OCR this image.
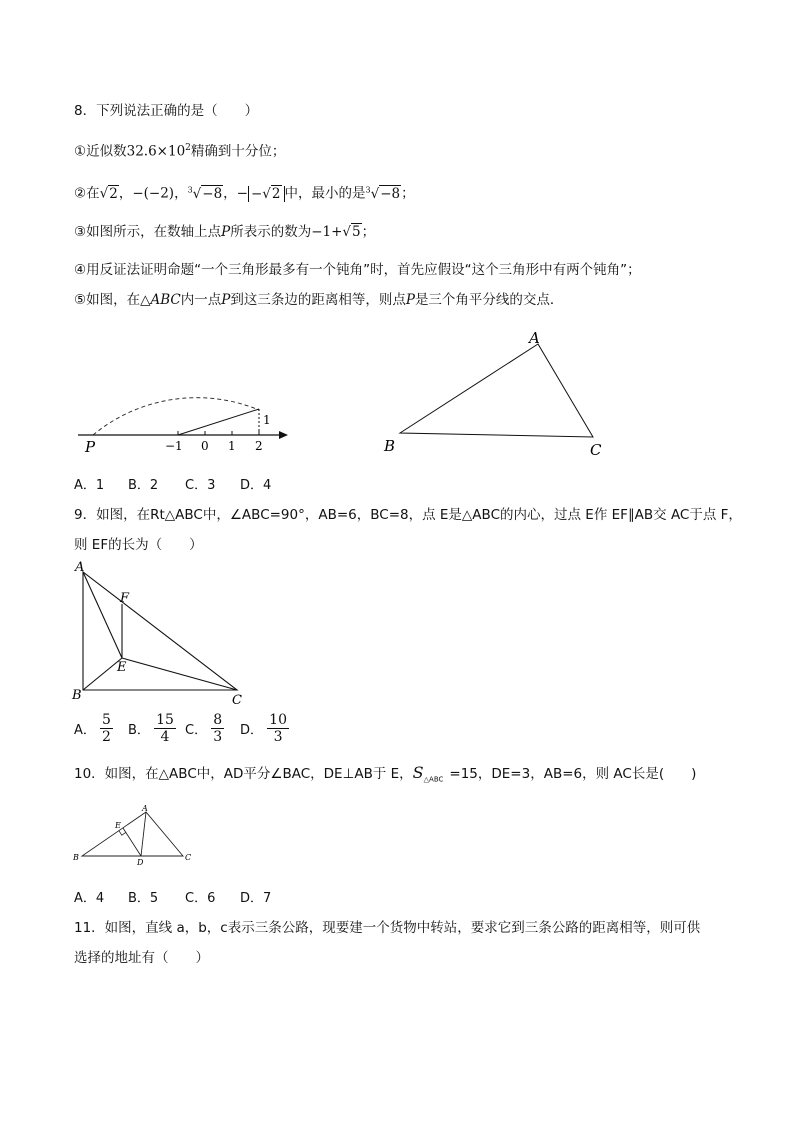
8．下列说法正确的是（　　）
①近似数$32.6\times 10^2$精确到十分位；
②在√2，−(−2)，$^3$√−8，− −√2 中，最小的是$^3$√−8；
③如图所示，在数轴上点P所表示的数为−1+√5；
④用反证法证明命题“一个三角形最多有一个钝角”时，首先应假设“这个三角形中有两个钝角”；
⑤如图，在△ABC内一点P到这三条边的距离相等，则点P是三个角平分线的交点．
P	−1 0 1 2
1
A
B	C
A．1 B．2 C．3 D．4
9．如图，在Rt△ABC中，∠ABC=90°，AB=6，BC=8，点 E是△ABC的内心，过点 E作 EF∥AB交 AC于点 F，
则 EF的长为（　　）
A
B	C
E
F
A． $\frac{5}{2}$ B． $\frac{15}{4}$ C． $\frac{8}{3}$ D． $\frac{10}{3}$
10．如图，在△ABC中，AD平分∠BAC，DE⊥AB于 E，$S_{\triangle ABC} =15$，DE=3，AB=6，则 AC长是(　　)
A
B	C
D
E
A．4 B．5 C．6 D．7
11．如图，直线 a，b，c表示三条公路，现要建一个货物中转站，要求它到三条公路的距离相等，则可供
选择的地址有（　　）
